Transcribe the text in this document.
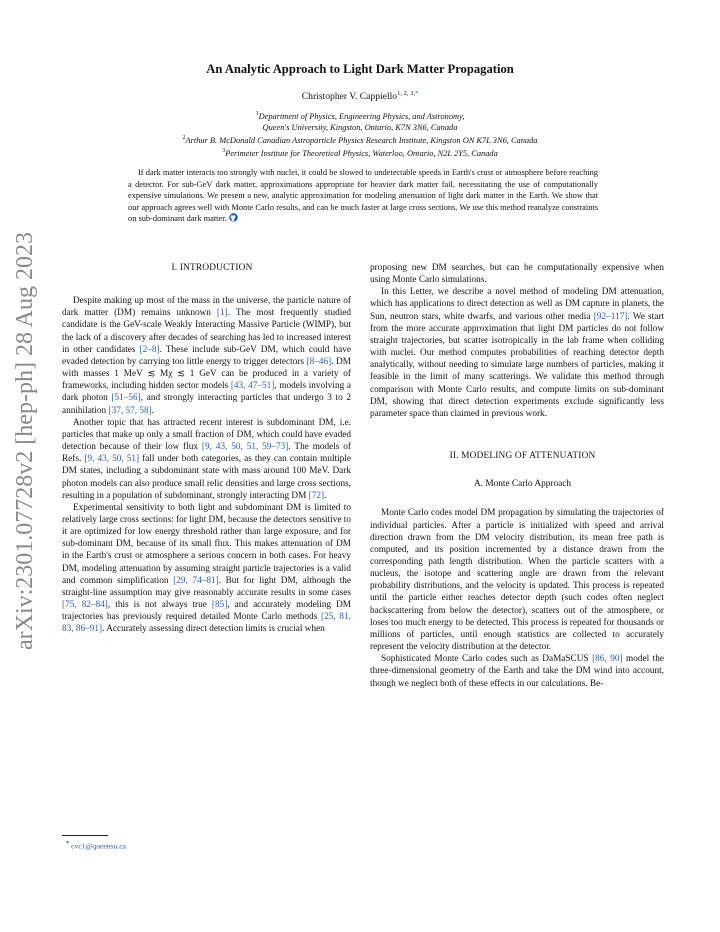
arXiv:2301.07728v2 [hep-ph] 28 Aug 2023
An Analytic Approach to Light Dark Matter Propagation
Christopher V. Cappiello$^{1, 2, 3,*}$
$^1$Department of Physics, Engineering Physics, and Astronomy,
Queen's University, Kingston, Ontario, K7N 3N6, Canada
$^2$Arthur B. McDonald Canadian Astroparticle Physics Research Institute, Kingston ON K7L 3N6, Canada
$^3$Perimeter Institute for Theoretical Physics, Waterloo, Ontario, N2L 2Y5, Canada
If dark matter interacts too strongly with nuclei, it could be slowed to undetectable speeds in Earth's crust or atmosphere before reaching a detector. For sub-GeV dark matter, approximations appropriate for heavier dark matter fail, necessitating the use of computationally expensive simulations. We present a new, analytic approximation for modeling attenuation of light dark matter in the Earth. We show that our approach agrees well with Monte Carlo results, and can be much faster at large cross sections. We use this method reanalyze constraints on sub-dominant dark matter.

I. INTRODUCTION

Despite making up most of the mass in the universe, the particle nature of dark matter (DM) remains unknown [1]. The most frequently studied candidate is the GeV-scale Weakly Interacting Massive Particle (WIMP), but the lack of a discovery after decades of searching has led to increased interest in other candidates [2–8]. These include sub-GeV DM, which could have evaded detection by carrying too little energy to trigger detectors [8–46]. DM with masses 1 MeV ≲ Mχ ≲ 1 GeV can be produced in a variety of frameworks, including hidden sector models [43, 47–51], models involving a dark photon [51–56], and strongly interacting particles that undergo 3 to 2 annihilation [37, 57, 58].

Another topic that has attracted recent interest is subdominant DM, i.e. particles that make up only a small fraction of DM, which could have evaded detection because of their low flux [9, 43, 50, 51, 59–73]. The models of Refs. [9, 43, 50, 51] fall under both categories, as they can contain multiple DM states, including a subdominant state with mass around 100 MeV. Dark photon models can also produce small relic densities and large cross sections, resulting in a population of subdominant, strongly interacting DM [72].

Experimental sensitivity to both light and subdominant DM is limited to relatively large cross sections: for light DM, because the detectors sensitive to it are optimized for low energy threshold rather than large exposure, and for sub-dominant DM, because of its small flux. This makes attenuation of DM in the Earth's crust or atmosphere a serious concern in both cases. For heavy DM, modeling attenuation by assuming straight particle trajectories is a valid and common simplification [29, 74–81]. But for light DM, although the straight-line assumption may give reasonably accurate results in some cases [75, 82–84], this is not always true [85], and accurately modeling DM trajectories has previously required detailed Monte Carlo methods [25, 81, 83, 86–91]. Accurately assessing direct detection limits is crucial when

proposing new DM searches, but can be computationally expensive when using Monte Carlo simulations.

In this Letter, we describe a novel method of modeling DM attenuation, which has applications to direct detection as well as DM capture in planets, the Sun, neutron stars, white dwarfs, and various other media [92–117]. We start from the more accurate approximation that light DM particles do not follow straight trajectories, but scatter isotropically in the lab frame when colliding with nuclei. Our method computes probabilities of reaching detector depth analytically, without needing to simulate large numbers of particles, making it feasible in the limit of many scatterings. We validate this method through comparison with Monte Carlo results, and compute limits on sub-dominant DM, showing that direct detection experiments exclude significantly less parameter space than claimed in previous work.

II. MODELING OF ATTENUATION

A. Monte Carlo Approach

Monte Carlo codes model DM propagation by simulating the trajectories of individual particles. After a particle is initialized with speed and arrival direction drawn from the DM velocity distribution, its mean free path is computed, and its position incremented by a distance drawn from the corresponding path length distribution. When the particle scatters with a nucleus, the isotope and scattering angle are drawn from the relevant probability distributions, and the velocity is updated. This process is repeated until the particle either reaches detector depth (such codes often neglect backscattering from below the detector), scatters out of the atmosphere, or loses too much energy to be detected. This process is repeated for thousands or millions of particles, until enough statistics are collected to accurately represent the velocity distribution at the detector.

Sophisticated Monte Carlo codes such as DaMaSCUS [86, 90] model the three-dimensional geometry of the Earth and take the DM wind into account, though we neglect both of these effects in our calculations. Be-

* cvc1@queensu.ca
